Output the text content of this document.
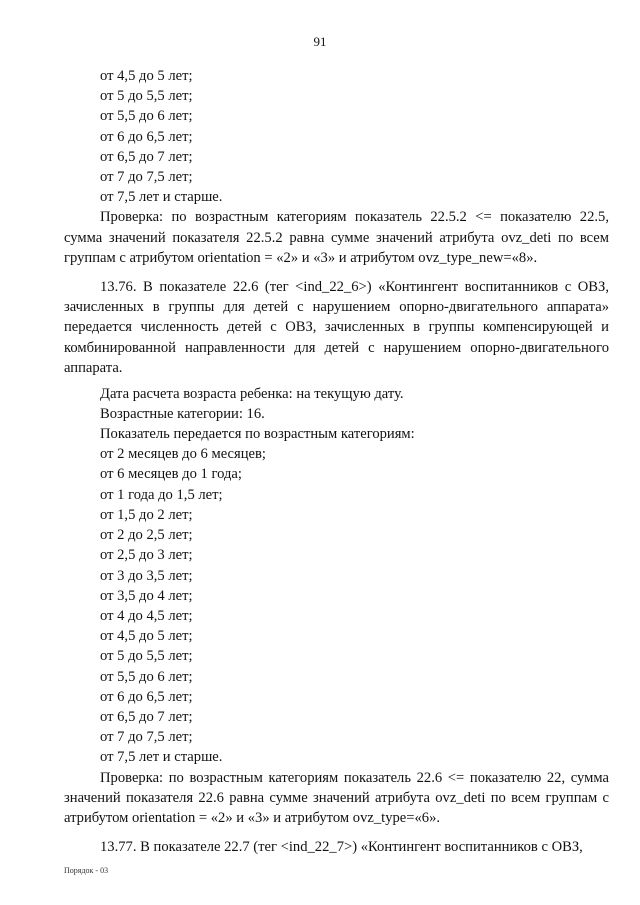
91
от 4,5 до 5 лет;
от 5 до 5,5 лет;
от 5,5 до 6 лет;
от 6 до 6,5 лет;
от 6,5 до 7 лет;
от 7 до 7,5 лет;
от 7,5 лет и старше.

Проверка: по возрастным категориям показатель 22.5.2 <= показателю 22.5, сумма значений показателя 22.5.2 равна сумме значений атрибута ovz_deti по всем группам с атрибутом orientation = «2» и «3» и атрибутом ovz_type_new=«8».

13.76. В показателе 22.6 (тег <ind_22_6>) «Контингент воспитанников с ОВЗ, зачисленных в группы для детей с нарушением опорно-двигательного аппарата» передается численность детей с ОВЗ, зачисленных в группы компенсирующей и комбинированной направленности для детей с нарушением опорно-двигательного аппарата.

Дата расчета возраста ребенка: на текущую дату.
Возрастные категории: 16.
Показатель передается по возрастным категориям:
от 2 месяцев до 6 месяцев;
от 6 месяцев до 1 года;
от 1 года до 1,5 лет;
от 1,5 до 2 лет;
от 2 до 2,5 лет;
от 2,5 до 3 лет;
от 3 до 3,5 лет;
от 3,5 до 4 лет;
от 4 до 4,5 лет;
от 4,5 до 5 лет;
от 5 до 5,5 лет;
от 5,5 до 6 лет;
от 6 до 6,5 лет;
от 6,5 до 7 лет;
от 7 до 7,5 лет;
от 7,5 лет и старше.

Проверка: по возрастным категориям показатель 22.6 <= показателю 22, сумма значений показателя 22.6 равна сумме значений атрибута ovz_deti по всем группам с атрибутом orientation = «2» и «3» и атрибутом ovz_type=«6».

13.77. В показателе 22.7 (тег <ind_22_7>) «Контингент воспитанников с ОВЗ,

Порядок - 03
